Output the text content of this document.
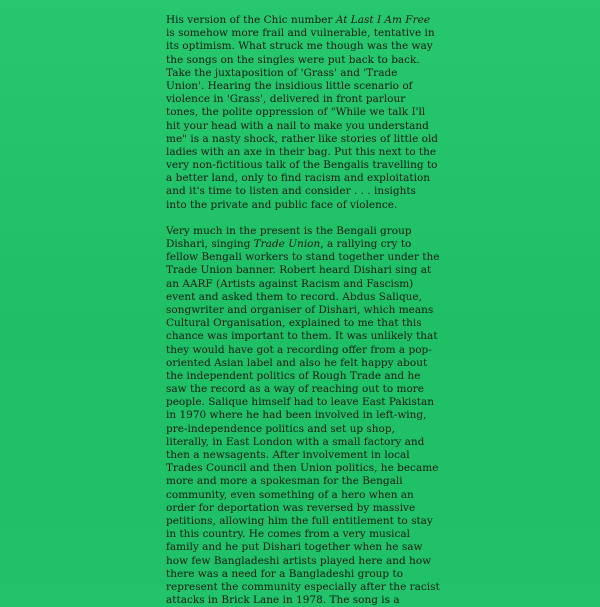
His version of the Chic number At Last I Am Free
is somehow more frail and vulnerable, tentative in
its optimism. What struck me though was the way
the songs on the singles were put back to back.
Take the juxtaposition of 'Grass' and 'Trade
Union'. Hearing the insidious little scenario of
violence in 'Grass', delivered in front parlour
tones, the polite oppression of "While we talk I'll
hit your head with a nail to make you understand
me" is a nasty shock, rather like stories of little old
ladies with an axe in their bag. Put this next to the
very non-fictitious talk of the Bengalis travelling to
a better land, only to find racism and exploitation
and it's time to listen and consider . . . insights
into the private and public face of violence.

Very much in the present is the Bengali group
Dishari, singing Trade Union, a rallying cry to
fellow Bengali workers to stand together under the
Trade Union banner. Robert heard Dishari sing at
an AARF (Artists against Racism and Fascism)
event and asked them to record. Abdus Salique,
songwriter and organiser of Dishari, which means
Cultural Organisation, explained to me that this
chance was important to them. It was unlikely that
they would have got a recording offer from a pop-
oriented Asian label and also he felt happy about
the independent politics of Rough Trade and he
saw the record as a way of reaching out to more
people. Salique himself had to leave East Pakistan
in 1970 where he had been involved in left-wing,
pre-independence politics and set up shop,
literally, in East London with a small factory and
then a newsagents. After involvement in local
Trades Council and then Union politics, he became
more and more a spokesman for the Bengali
community, even something of a hero when an
order for deportation was reversed by massive
petitions, allowing him the full entitlement to stay
in this country. He comes from a very musical
family and he put Dishari together when he saw
how few Bangladeshi artists played here and how
there was a need for a Bangladeshi group to
represent the community especially after the racist
attacks in Brick Lane in 1978. The song is a
